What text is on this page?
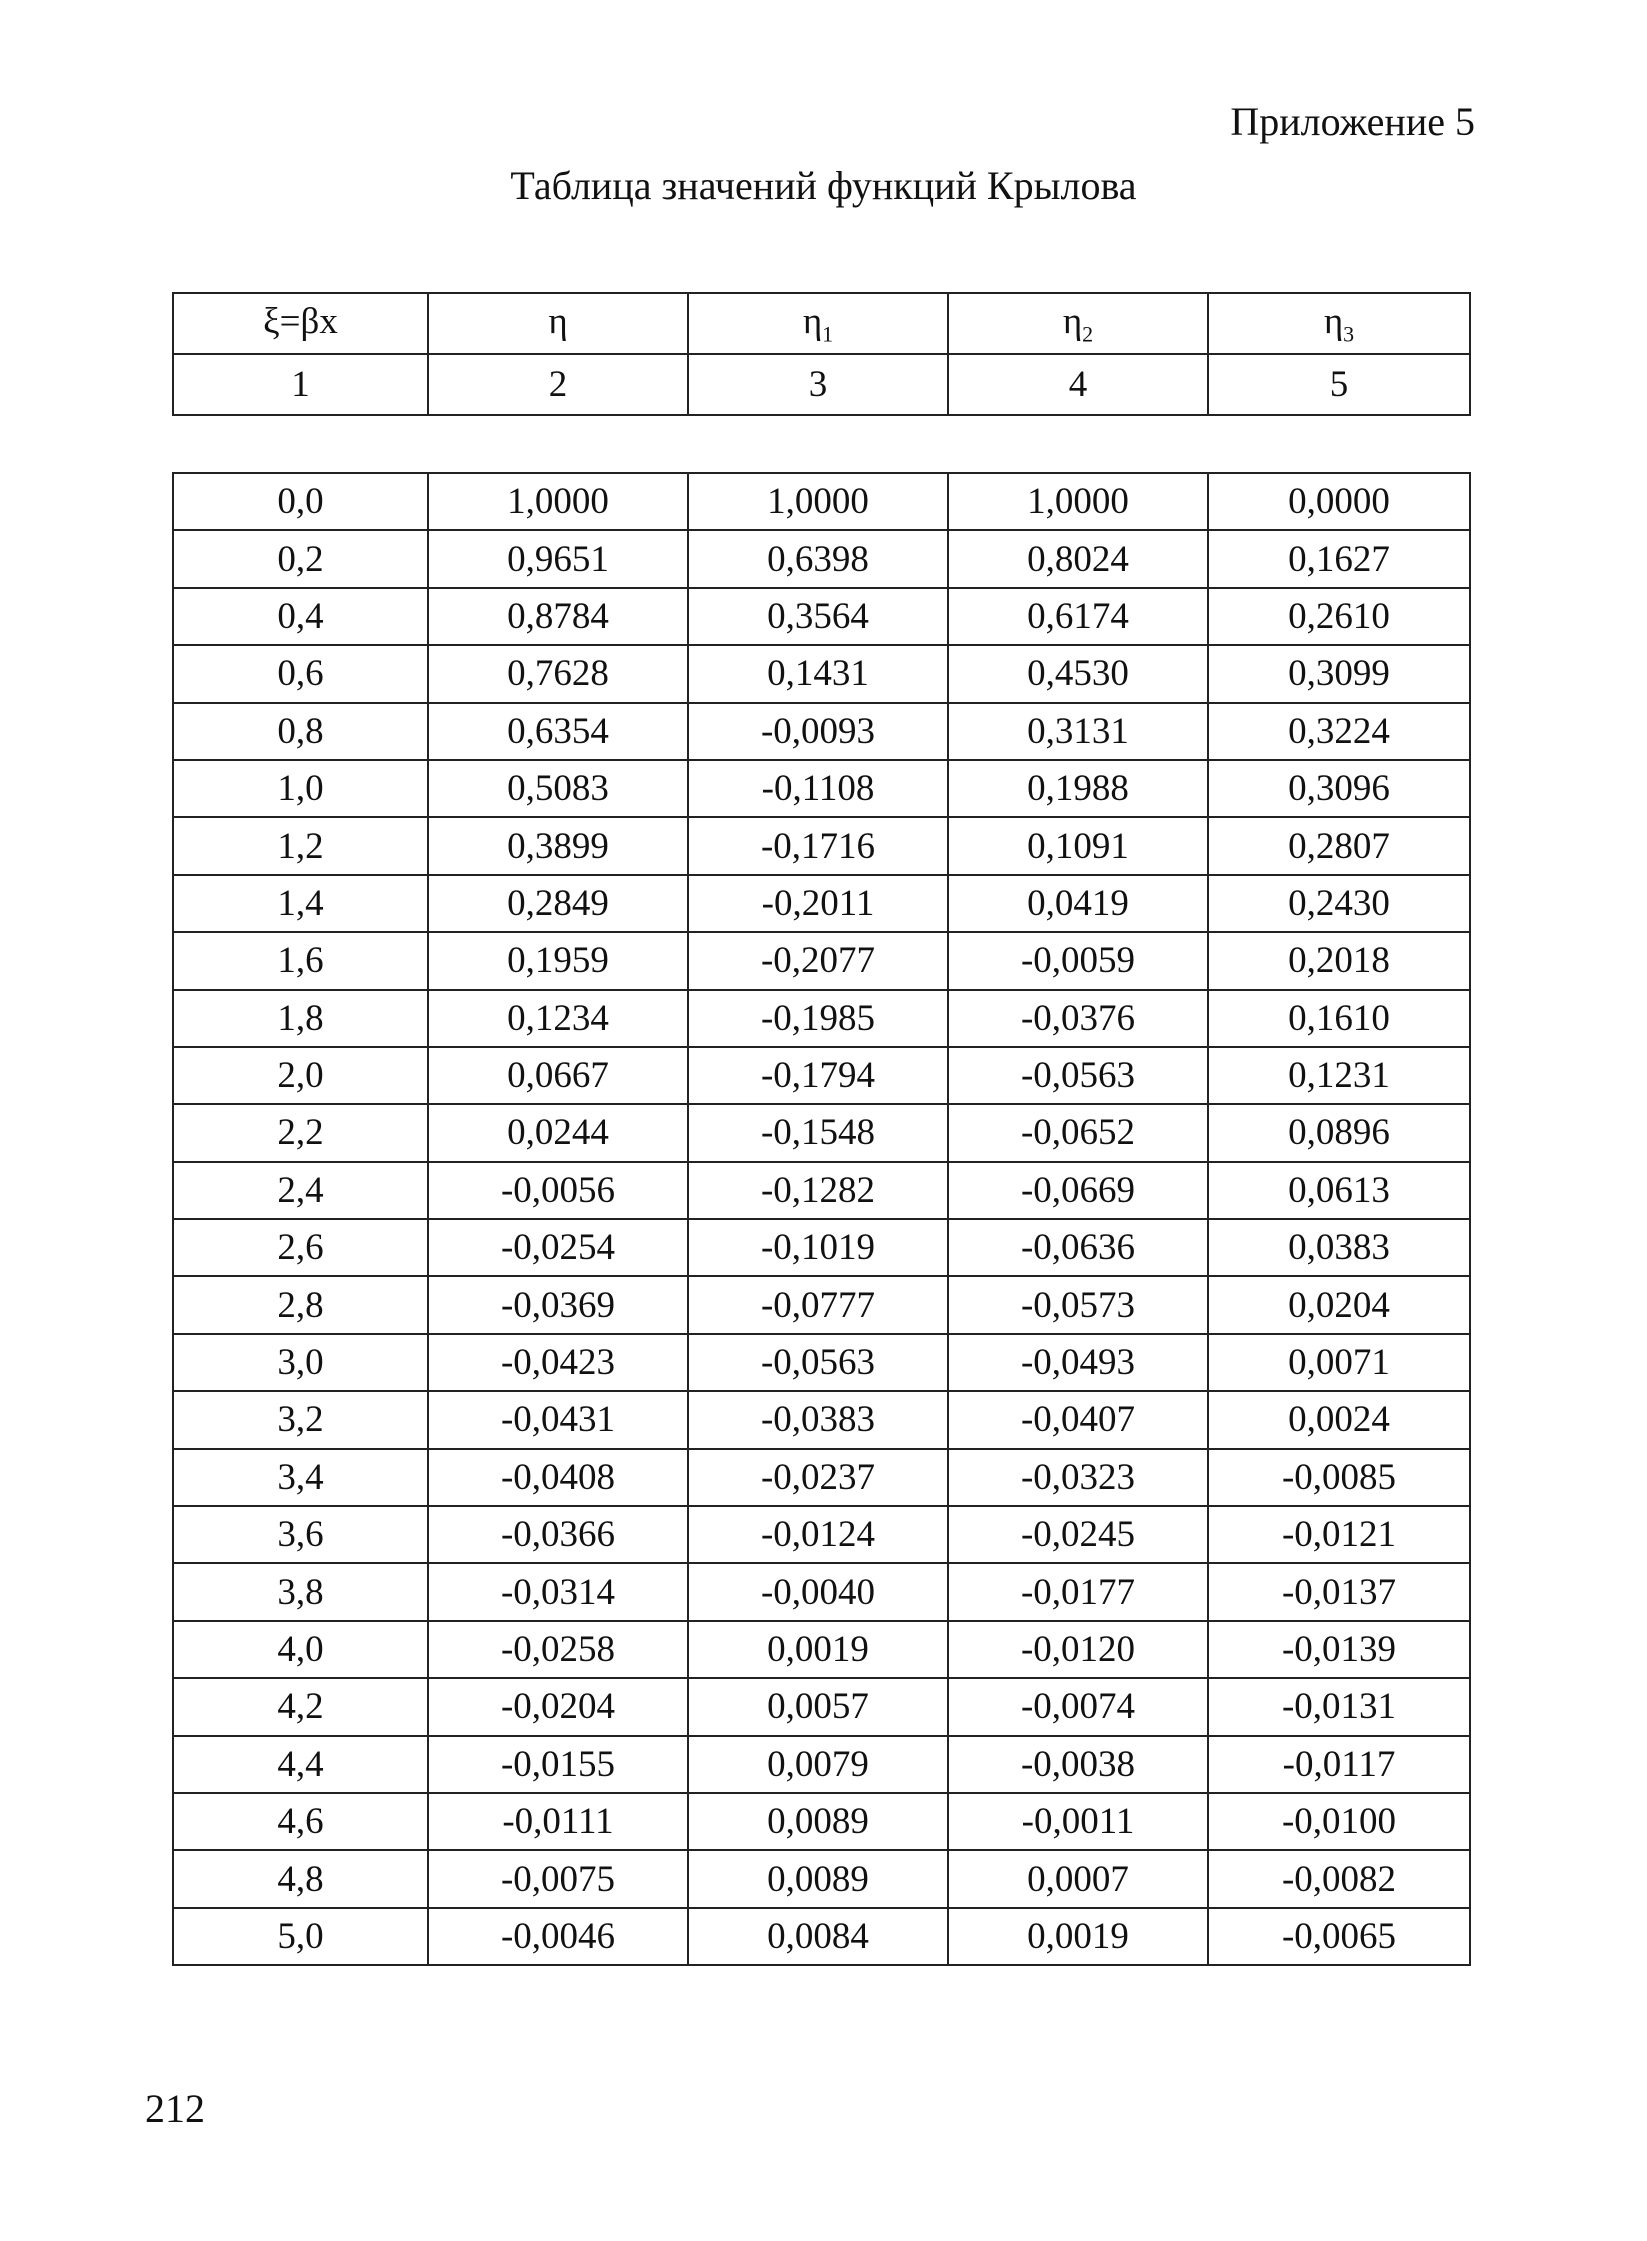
Приложение 5
Таблица значений функций Крылова
ξ=βx	η	$\eta_1$	$\eta_2$	$\eta_3$
1	2	3	4	5
0,0	1,0000	1,0000	1,0000	0,0000
0,2	0,9651	0,6398	0,8024	0,1627
0,4	0,8784	0,3564	0,6174	0,2610
0,6	0,7628	0,1431	0,4530	0,3099
0,8	0,6354	-0,0093	0,3131	0,3224
1,0	0,5083	-0,1108	0,1988	0,3096
1,2	0,3899	-0,1716	0,1091	0,2807
1,4	0,2849	-0,2011	0,0419	0,2430
1,6	0,1959	-0,2077	-0,0059	0,2018
1,8	0,1234	-0,1985	-0,0376	0,1610
2,0	0,0667	-0,1794	-0,0563	0,1231
2,2	0,0244	-0,1548	-0,0652	0,0896
2,4	-0,0056	-0,1282	-0,0669	0,0613
2,6	-0,0254	-0,1019	-0,0636	0,0383
2,8	-0,0369	-0,0777	-0,0573	0,0204
3,0	-0,0423	-0,0563	-0,0493	0,0071
3,2	-0,0431	-0,0383	-0,0407	0,0024
3,4	-0,0408	-0,0237	-0,0323	-0,0085
3,6	-0,0366	-0,0124	-0,0245	-0,0121
3,8	-0,0314	-0,0040	-0,0177	-0,0137
4,0	-0,0258	0,0019	-0,0120	-0,0139
4,2	-0,0204	0,0057	-0,0074	-0,0131
4,4	-0,0155	0,0079	-0,0038	-0,0117
4,6	-0,0111	0,0089	-0,0011	-0,0100
4,8	-0,0075	0,0089	0,0007	-0,0082
5,0	-0,0046	0,0084	0,0019	-0,0065
212
